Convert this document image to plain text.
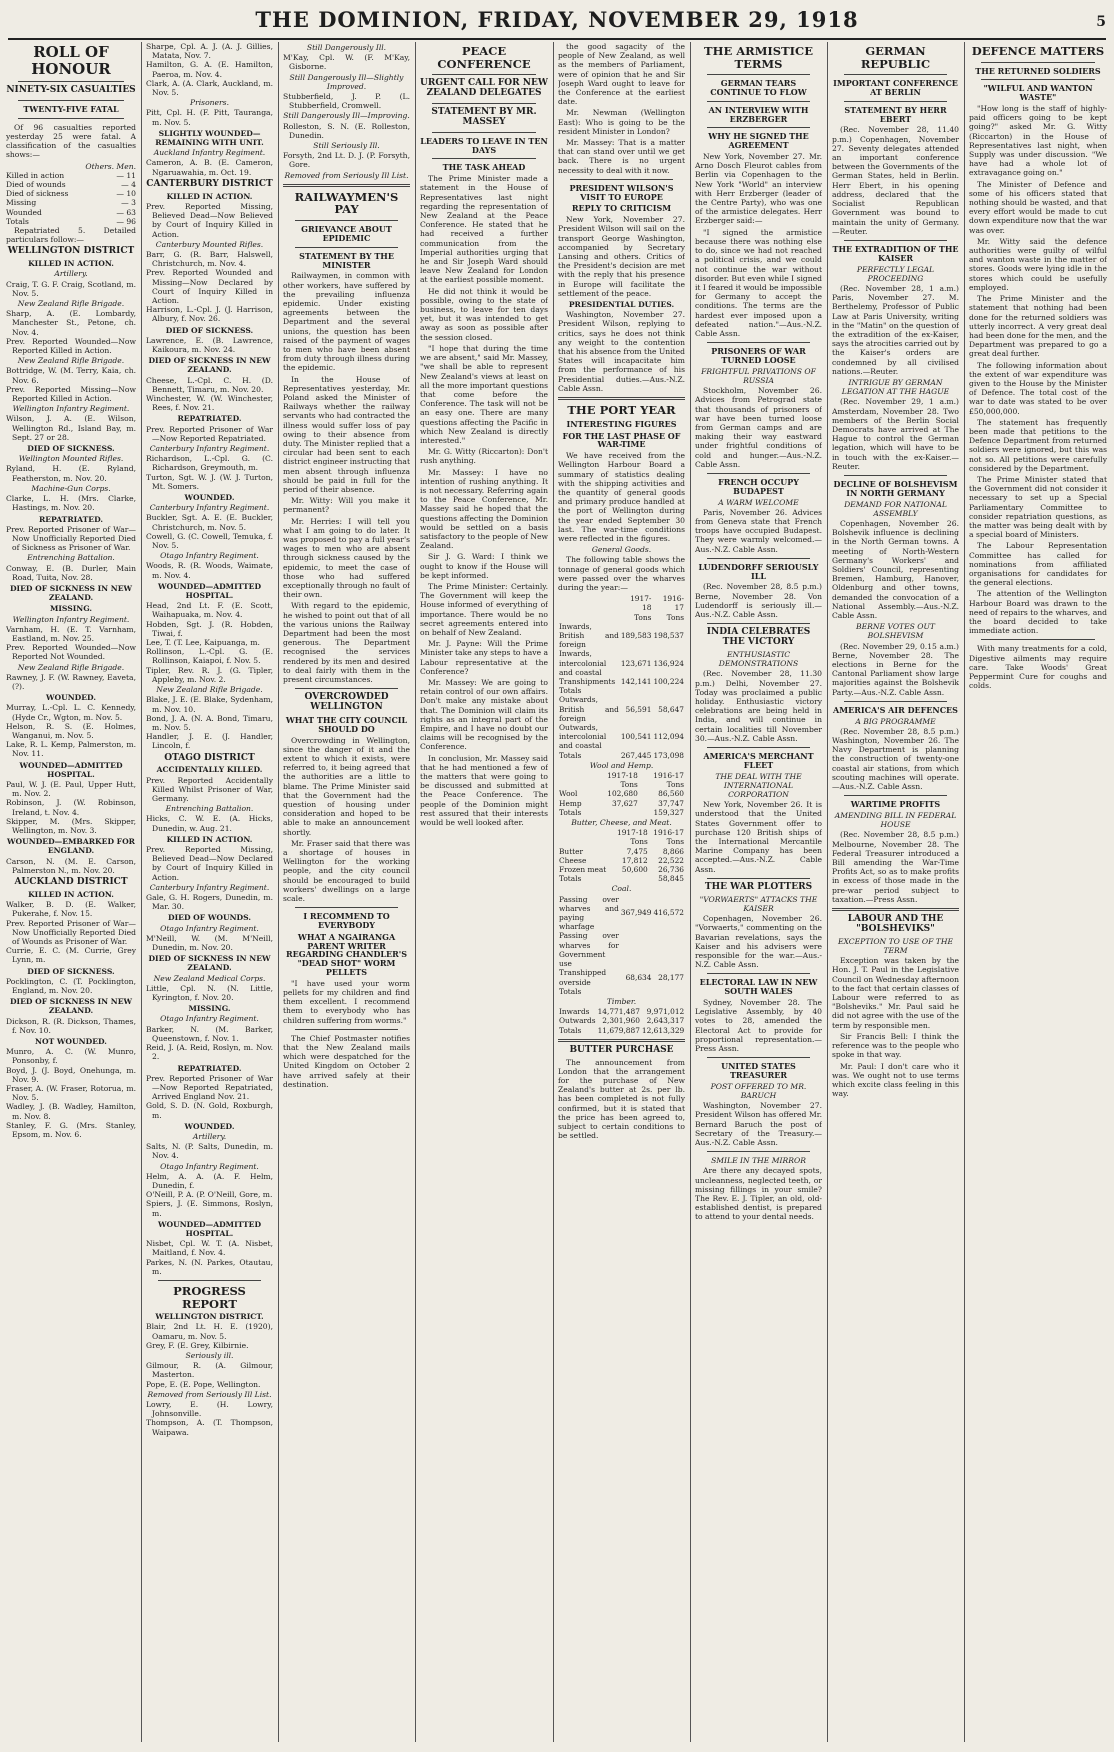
THE DOMINION, FRIDAY, NOVEMBER 29, 1918	5
ROLL OF HONOUR
NINETY-SIX CASUALTIES
TWENTY-FIVE FATAL

Of 96 casualties reported yesterday 25 were fatal. A classification of the casualties shows:—

Others. Men.
Killed in action	— 11
Died of wounds	— 4
Died of sickness	— 10
Missing	— 3
Wounded	— 63
Totals	— 96

Repatriated 5. Detailed particulars follow:—

WELLINGTON DISTRICT
KILLED IN ACTION.
Artillery.
Craig, T. G. F. Craig, Scotland, m. Nov. 5.
New Zealand Rifle Brigade.
Sharp, A. (E. Lombardy, Manchester St., Petone, ch. Nov. 4.
Prev. Reported Wounded—Now Reported Killed in Action.
New Zealand Rifle Brigade.
Bottridge, W. (M. Terry, Kaia, ch. Nov. 6.
Prev. Reported Missing—Now Reported Killed in Action.
Wellington Infantry Regiment.
Wilson, J. A. (E. Wilson, Wellington Rd., Island Bay, m. Sept. 27 or 28.
DIED OF SICKNESS.
Wellington Mounted Rifles.
Ryland, H. (E. Ryland, Featherston, m. Nov. 20.
Machine-Gun Corps.
Clarke, L. H. (Mrs. Clarke, Hastings, m. Nov. 20.
REPATRIATED.
Prev. Reported Prisoner of War—Now Unofficially Reported Died of Sickness as Prisoner of War.
Entrenching Battalion.
Conway, E. (B. Durler, Main Road, Tuita, Nov. 28.
DIED OF SICKNESS IN NEW ZEALAND.
MISSING.
Wellington Infantry Regiment.
Varnham, H. (E. T. Varnham, Eastland, m. Nov. 25.
Prev. Reported Wounded—Now Reported Not Wounded.
New Zealand Rifle Brigade.
Rawney, J. F. (W. Rawney, Eaveta, (?).
WOUNDED.
Murray, L.-Cpl. L. C. Kennedy, (Hyde Cr., Wgton, m. Nov. 5.
Helson, R. S. (E. Holmes, Wanganui, m. Nov. 5.
Lake, R. L. Kemp, Palmerston, m. Nov. 11.
WOUNDED—ADMITTED HOSPITAL.
Paul, W. J. (E. Paul, Upper Hutt, m. Nov. 2.
Robinson, J. (W. Robinson, Ireland, t. Nov. 4.
Skipper, M. (Mrs. Skipper, Wellington, m. Nov. 3.
WOUNDED—EMBARKED FOR ENGLAND.
Carson, N. (M. E. Carson, Palmerston N., m. Nov. 20.
AUCKLAND DISTRICT
KILLED IN ACTION.
Walker, B. D. (E. Walker, Pukerahe, f. Nov. 15.
Prev. Reported Prisoner of War—Now Unofficially Reported Died of Wounds as Prisoner of War.
Currie, E. C. (M. Currie, Grey Lynn, m.
DIED OF SICKNESS.
Pocklington, C. (T. Pocklington, England, m. Nov. 20.
DIED OF SICKNESS IN NEW ZEALAND.
Dickson, R. (R. Dickson, Thames, f. Nov. 10.
NOT WOUNDED.
Munro, A. C. (W. Munro, Ponsonby, f.
Boyd, J. (J. Boyd, Onehunga, m. Nov. 9.
Fraser, A. (W. Fraser, Rotorua, m. Nov. 5.
Wadley, J. (B. Wadley, Hamilton, m. Nov. 8.
Stanley, F. G. (Mrs. Stanley, Epsom, m. Nov. 6.
Sharpe, Cpl. A. J. (A. J. Gillies, Matata, Nov. 7.
Hamilton, G. A. (E. Hamilton, Paeroa, m. Nov. 4.
Clark, A. (A. Clark, Auckland, m. Nov. 5.
Prisoners.
Pitt, Cpl. H. (F. Pitt, Tauranga, m. Nov. 5.
SLIGHTLY WOUNDED—REMAINING WITH UNIT.
Auckland Infantry Regiment.
Cameron, A. B. (E. Cameron, Ngaruawahia, m. Oct. 19.
CANTERBURY DISTRICT
KILLED IN ACTION.
Prev. Reported Missing, Believed Dead—Now Believed by Court of Inquiry Killed in Action.
Canterbury Mounted Rifles.
Barr, G. (R. Barr, Halswell, Christchurch, m. Nov. 4.
Prev. Reported Wounded and Missing—Now Declared by Court of Inquiry Killed in Action.
Harrison, L.-Cpl. J. (J. Harrison, Albury, f. Nov. 26.
DIED OF SICKNESS.
Lawrence, E. (B. Lawrence, Kaikoura, m. Nov. 24.
DIED OF SICKNESS IN NEW ZEALAND.
Cheese, L.-Cpl. C. H. (D. Bennett, Timaru, m. Nov. 20.
Winchester, W. (W. Winchester, Rees, f. Nov. 21.
REPATRIATED.
Prev. Reported Prisoner of War—Now Reported Repatriated.
Canterbury Infantry Regiment.
Richardson, L.-Cpl. G. (C. Richardson, Greymouth, m.
Turton, Sgt. W. J. (W. J. Turton, Mt. Somers.
WOUNDED.
Canterbury Infantry Regiment.
Buckler, Sgt. A. E. (E. Buckler, Christchurch, m. Nov. 5.
Cowell, G. (C. Cowell, Temuka, f. Nov. 5.
Otago Infantry Regiment.
Woods, R. (R. Woods, Waimate, m. Nov. 4.
WOUNDED—ADMITTED HOSPITAL.
Head, 2nd Lt. F. (E. Scott, Waihapuaka, m. Nov. 4.
Hobden, Sgt. J. (R. Hobden, Tiwai, f.
Lee, T. (T. Lee, Kaipuanga, m.
Rollinson, L.-Cpl. G. (E. Rollinson, Kaiapoi, f. Nov. 5.
Tipler, Rev. R. J. (G. Tipler, Appleby, m. Nov. 2.
New Zealand Rifle Brigade.
Blake, J. E. (E. Blake, Sydenham, m. Nov. 10.
Bond, J. A. (N. A. Bond, Timaru, m. Nov. 5.
Handler, J. E. (J. Handler, Lincoln, f.
OTAGO DISTRICT
ACCIDENTALLY KILLED.
Prev. Reported Accidentally Killed Whilst Prisoner of War, Germany.
Entrenching Battalion.
Hicks, C. W. E. (A. Hicks, Dunedin, w. Aug. 21.
KILLED IN ACTION.
Prev. Reported Missing, Believed Dead—Now Declared by Court of Inquiry Killed in Action.
Canterbury Infantry Regiment.
Gale, G. H. Rogers, Dunedin, m. Mar. 30.
DIED OF WOUNDS.
Otago Infantry Regiment.
M'Neill, W. (M. M'Neill, Dunedin, m. Nov. 20.
DIED OF SICKNESS IN NEW ZEALAND.
New Zealand Medical Corps.
Little, Cpl. N. (N. Little, Kyrington, f. Nov. 20.
MISSING.
Otago Infantry Regiment.
Barker, N. (M. Barker, Queenstown, f. Nov. 1.
Reid, J. (A. Reid, Roslyn, m. Nov. 2.
REPATRIATED.
Prev. Reported Prisoner of War—Now Reported Repatriated, Arrived England Nov. 21.
Gold, S. D. (N. Gold, Roxburgh, m.
WOUNDED.
Artillery.
Salts, N. (P. Salts, Dunedin, m. Nov. 4.
Otago Infantry Regiment.
Helm, A. A. (A. F. Helm, Dunedin, f.
O'Neill, P. A. (P. O'Neill, Gore, m.
Spiers, J. (E. Simmons, Roslyn, m.
WOUNDED—ADMITTED HOSPITAL.
Nisbet, Cpl. W. T. (A. Nisbet, Maitland, f. Nov. 4.
Parkes, N. (N. Parkes, Otautau, m.
PROGRESS REPORT
WELLINGTON DISTRICT.
Blair, 2nd Lt. H. E. (1920), Oamaru, m. Nov. 5.
Grey, F. (E. Grey, Kilbirnie.
Seriously ill.
Gilmour, R. (A. Gilmour, Masterton.
Pope, E. (E. Pope, Wellington.
Removed from Seriously Ill List.
Lowry, E. (H. Lowry, Johnsonville.
Thompson, A. (T. Thompson, Waipawa.
Still Dangerously Ill.
M'Kay, Cpl. W. (F. M'Kay, Gisborne.
Still Dangerously Ill—Slightly Improved.
Stubberfield, J. P. (L. Stubberfield, Cromwell.
Still Dangerously Ill—Improving.
Rolleston, S. N. (E. Rolleston, Dunedin.
Still Seriously Ill.
Forsyth, 2nd Lt. D. J. (P. Forsyth, Gore.
Removed from Seriously Ill List.
RAILWAYMEN'S PAY
GRIEVANCE ABOUT EPIDEMIC
STATEMENT BY THE MINISTER

Railwaymen, in common with other workers, have suffered by the prevailing influenza epidemic. Under existing agreements between the Department and the several unions, the question has been raised of the payment of wages to men who have been absent from duty through illness during the epidemic.

In the House of Representatives yesterday, Mr. Poland asked the Minister of Railways whether the railway servants who had contracted the illness would suffer loss of pay owing to their absence from duty. The Minister replied that a circular had been sent to each district engineer instructing that men absent through influenza should be paid in full for the period of their absence.

Mr. Witty: Will you make it permanent?

Mr. Herries: I will tell you what I am going to do later. It was proposed to pay a full year's wages to men who are absent through sickness caused by the epidemic, to meet the case of those who had suffered exceptionally through no fault of their own.

With regard to the epidemic, he wished to point out that of all the various unions the Railway Department had been the most generous. The Department recognised the services rendered by its men and desired to deal fairly with them in the present circumstances.

OVERCROWDED WELLINGTON
WHAT THE CITY COUNCIL SHOULD DO

Overcrowding in Wellington, since the danger of it and the extent to which it exists, were referred to, it being agreed that the authorities are a little to blame. The Prime Minister said that the Government had the question of housing under consideration and hoped to be able to make an announcement shortly.

Mr. Fraser said that there was a shortage of houses in Wellington for the working people, and the city council should be encouraged to build workers' dwellings on a large scale.

I RECOMMEND TO EVERYBODY
WHAT A NGAIRANGA PARENT WRITER REGARDING CHANDLER'S "DEAD SHOT" WORM PELLETS

"I have used your worm pellets for my children and find them excellent. I recommend them to everybody who has children suffering from worms."

The Chief Postmaster notifies that the New Zealand mails which were despatched for the United Kingdom on October 2 have arrived safely at their destination.

PEACE CONFERENCE
URGENT CALL FOR NEW ZEALAND DELEGATES
STATEMENT BY MR. MASSEY
LEADERS TO LEAVE IN TEN DAYS
THE TASK AHEAD

The Prime Minister made a statement in the House of Representatives last night regarding the representation of New Zealand at the Peace Conference. He stated that he had received a further communication from the Imperial authorities urging that he and Sir Joseph Ward should leave New Zealand for London at the earliest possible moment.

He did not think it would be possible, owing to the state of business, to leave for ten days yet, but it was intended to get away as soon as possible after the session closed.

"I hope that during the time we are absent," said Mr. Massey, "we shall be able to represent New Zealand's views at least on all the more important questions that come before the Conference. The task will not be an easy one. There are many questions affecting the Pacific in which New Zealand is directly interested."

Mr. G. Witty (Riccarton): Don't rush anything.

Mr. Massey: I have no intention of rushing anything. It is not necessary. Referring again to the Peace Conference, Mr. Massey said he hoped that the questions affecting the Dominion would be settled on a basis satisfactory to the people of New Zealand.

Sir J. G. Ward: I think we ought to know if the House will be kept informed.

The Prime Minister: Certainly. The Government will keep the House informed of everything of importance. There would be no secret agreements entered into on behalf of New Zealand.

Mr. J. Payne: Will the Prime Minister take any steps to have a Labour representative at the Conference?

Mr. Massey: We are going to retain control of our own affairs. Don't make any mistake about that. The Dominion will claim its rights as an integral part of the Empire, and I have no doubt our claims will be recognised by the Conference.

In conclusion, Mr. Massey said that he had mentioned a few of the matters that were going to be discussed and submitted at the Peace Conference. The people of the Dominion might rest assured that their interests would be well looked after.

the good sagacity of the people of New Zealand, as well as the members of Parliament, were of opinion that he and Sir Joseph Ward ought to leave for the Conference at the earliest date.

Mr. Newman (Wellington East): Who is going to be the resident Minister in London?

Mr. Massey: That is a matter that can stand over until we get back. There is no urgent necessity to deal with it now.

PRESIDENT WILSON'S VISIT TO EUROPE
REPLY TO CRITICISM

New York, November 27. President Wilson will sail on the transport George Washington, accompanied by Secretary Lansing and others. Critics of the President's decision are met with the reply that his presence in Europe will facilitate the settlement of the peace.

PRESIDENTIAL DUTIES.

Washington, November 27. President Wilson, replying to critics, says he does not think any weight to the contention that his absence from the United States will incapacitate him from the performance of his Presidential duties.—Aus.-N.Z. Cable Assn.

THE PORT YEAR
INTERESTING FIGURES
FOR THE LAST PHASE OF WAR-TIME

We have received from the Wellington Harbour Board a summary of statistics dealing with the shipping activities and the quantity of general goods and primary produce handled at the port of Wellington during the year ended September 30 last. The war-time conditions were reflected in the figures.

General Goods.

The following table shows the tonnage of general goods which were passed over the wharves during the year:—

	1917-18	1916-17
	Tons	Tons
Inwards, British and foreign	189,583	198,537
Inwards, intercolonial and coastal	123,671	136,924
Transhipments	142,141	100,224
Totals		
Outwards, British and foreign	56,591	58,647
Outwards, intercolonial and coastal	100,541	112,094
Totals	267,445	173,098
Wool and Hemp.
	1917-18	1916-17
	Tons	Tons
Wool	102,680	86,560
Hemp	37,627	37,747
Totals		159,327
Butter, Cheese, and Meat.
	1917-18	1916-17
	Tons	Tons
Butter	7,475	8,866
Cheese	17,812	22,522
Frozen meat	50,600	26,736
Totals		58,845
Coal.
Passing over wharves and paying wharfage	367,949	416,572
Passing over wharves for Government use		
Transhipped overside	68,634	28,177
Totals		
Timber.
Inwards	14,771,487	9,971,012
Outwards	2,301,960	2,643,317
Totals	11,679,887	12,613,329
BUTTER PURCHASE

The announcement from London that the arrangement for the purchase of New Zealand's butter at 2s. per lb. has been completed is not fully confirmed, but it is stated that the price has been agreed to, subject to certain conditions to be settled.

THE ARMISTICE TERMS
GERMAN TEARS CONTINUE TO FLOW
AN INTERVIEW WITH ERZBERGER
WHY HE SIGNED THE AGREEMENT

New York, November 27. Mr. Arno Dosch Fleurot cables from Berlin via Copenhagen to the New York "World" an interview with Herr Erzberger (leader of the Centre Party), who was one of the armistice delegates. Herr Erzberger said:—

"I signed the armistice because there was nothing else to do, since we had not reached a political crisis, and we could not continue the war without disorder. But even while I signed it I feared it would be impossible for Germany to accept the conditions. The terms are the hardest ever imposed upon a defeated nation."—Aus.-N.Z. Cable Assn.

PRISONERS OF WAR TURNED LOOSE
FRIGHTFUL PRIVATIONS OF RUSSIA

Stockholm, November 26. Advices from Petrograd state that thousands of prisoners of war have been turned loose from German camps and are making their way eastward under frightful conditions of cold and hunger.—Aus.-N.Z. Cable Assn.

FRENCH OCCUPY BUDAPEST
A WARM WELCOME

Paris, November 26. Advices from Geneva state that French troops have occupied Budapest. They were warmly welcomed.—Aus.-N.Z. Cable Assn.

LUDENDORFF SERIOUSLY ILL

(Rec. November 28, 8.5 p.m.) Berne, November 28. Von Ludendorff is seriously ill.—Aus.-N.Z. Cable Assn.

INDIA CELEBRATES THE VICTORY
ENTHUSIASTIC DEMONSTRATIONS

(Rec. November 28, 11.30 p.m.) Delhi, November 27. Today was proclaimed a public holiday. Enthusiastic victory celebrations are being held in India, and will continue in certain localities till November 30.—Aus.-N.Z. Cable Assn.

AMERICA'S MERCHANT FLEET
THE DEAL WITH THE INTERNATIONAL CORPORATION

New York, November 26. It is understood that the United States Government offer to purchase 120 British ships of the International Mercantile Marine Company has been accepted.—Aus.-N.Z. Cable Assn.

THE WAR PLOTTERS
"VORWAERTS" ATTACKS THE KAISER

Copenhagen, November 26. "Vorwaerts," commenting on the Bavarian revelations, says the Kaiser and his advisers were responsible for the war.—Aus.-N.Z. Cable Assn.

ELECTORAL LAW IN NEW SOUTH WALES

Sydney, November 28. The Legislative Assembly, by 40 votes to 28, amended the Electoral Act to provide for proportional representation.—Press Assn.

UNITED STATES TREASURER
POST OFFERED TO MR. BARUCH

Washington, November 27. President Wilson has offered Mr. Bernard Baruch the post of Secretary of the Treasury.—Aus.-N.Z. Cable Assn.

SMILE IN THE MIRROR

Are there any decayed spots, uncleanness, neglected teeth, or missing fillings in your smile? The Rev. E. J. Tipler, an old, old-established dentist, is prepared to attend to your dental needs.

GERMAN REPUBLIC
IMPORTANT CONFERENCE AT BERLIN
STATEMENT BY HERR EBERT

(Rec. November 28, 11.40 p.m.) Copenhagen, November 27. Seventy delegates attended an important conference between the Governments of the German States, held in Berlin. Herr Ebert, in his opening address, declared that the Socialist Republican Government was bound to maintain the unity of Germany.—Reuter.

THE EXTRADITION OF THE KAISER
PERFECTLY LEGAL PROCEEDING

(Rec. November 28, 1 a.m.) Paris, November 27. M. Berthelemy, Professor of Public Law at Paris University, writing in the "Matin" on the question of the extradition of the ex-Kaiser, says the atrocities carried out by the Kaiser's orders are condemned by all civilised nations.—Reuter.

INTRIGUE BY GERMAN LEGATION AT THE HAGUE

(Rec. November 29, 1 a.m.) Amsterdam, November 28. Two members of the Berlin Social Democrats have arrived at The Hague to control the German legation, which will have to be in touch with the ex-Kaiser.—Reuter.

DECLINE OF BOLSHEVISM IN NORTH GERMANY
DEMAND FOR NATIONAL ASSEMBLY

Copenhagen, November 26. Bolshevik influence is declining in the North German towns. A meeting of North-Western Germany's Workers' and Soldiers' Council, representing Bremen, Hamburg, Hanover, Oldenburg and other towns, demanded the convocation of a National Assembly.—Aus.-N.Z. Cable Assn.

BERNE VOTES OUT BOLSHEVISM

(Rec. November 29, 0.15 a.m.) Berne, November 28. The elections in Berne for the Cantonal Parliament show large majorities against the Bolshevik Party.—Aus.-N.Z. Cable Assn.

AMERICA'S AIR DEFENCES
A BIG PROGRAMME

(Rec. November 28, 8.5 p.m.) Washington, November 26. The Navy Department is planning the construction of twenty-one coastal air stations, from which scouting machines will operate.—Aus.-N.Z. Cable Assn.

WARTIME PROFITS
AMENDING BILL IN FEDERAL HOUSE

(Rec. November 28, 8.5 p.m.) Melbourne, November 28. The Federal Treasurer introduced a Bill amending the War-Time Profits Act, so as to make profits in excess of those made in the pre-war period subject to taxation.—Press Assn.

LABOUR AND THE "BOLSHEVIKS"
EXCEPTION TO USE OF THE TERM

Exception was taken by the Hon. J. T. Paul in the Legislative Council on Wednesday afternoon to the fact that certain classes of Labour were referred to as "Bolsheviks." Mr. Paul said he did not agree with the use of the term by responsible men.

Sir Francis Bell: I think the reference was to the people who spoke in that way.

Mr. Paul: I don't care who it was. We ought not to use terms which excite class feeling in this way.

DEFENCE MATTERS
THE RETURNED SOLDIERS
"WILFUL AND WANTON WASTE"

"How long is the staff of highly-paid officers going to be kept going?" asked Mr. G. Witty (Riccarton) in the House of Representatives last night, when Supply was under discussion. "We have had a whole lot of extravagance going on."

The Minister of Defence and some of his officers stated that nothing should be wasted, and that every effort would be made to cut down expenditure now that the war was over.

Mr. Witty said the defence authorities were guilty of wilful and wanton waste in the matter of stores. Goods were lying idle in the stores which could be usefully employed.

The Prime Minister and the statement that nothing had been done for the returned soldiers was utterly incorrect. A very great deal had been done for the men, and the Department was prepared to go a great deal further.

The following information about the extent of war expenditure was given to the House by the Minister of Defence. The total cost of the war to date was stated to be over £50,000,000.

The statement has frequently been made that petitions to the Defence Department from returned soldiers were ignored, but this was not so. All petitions were carefully considered by the Department.

The Prime Minister stated that the Government did not consider it necessary to set up a Special Parliamentary Committee to consider repatriation questions, as the matter was being dealt with by a special board of Ministers.

The Labour Representation Committee has called for nominations from affiliated organisations for candidates for the general elections.

The attention of the Wellington Harbour Board was drawn to the need of repairs to the wharves, and the board decided to take immediate action.

With many treatments for a cold, Digestive ailments may require care. Take Woods' Great Peppermint Cure for coughs and colds.
